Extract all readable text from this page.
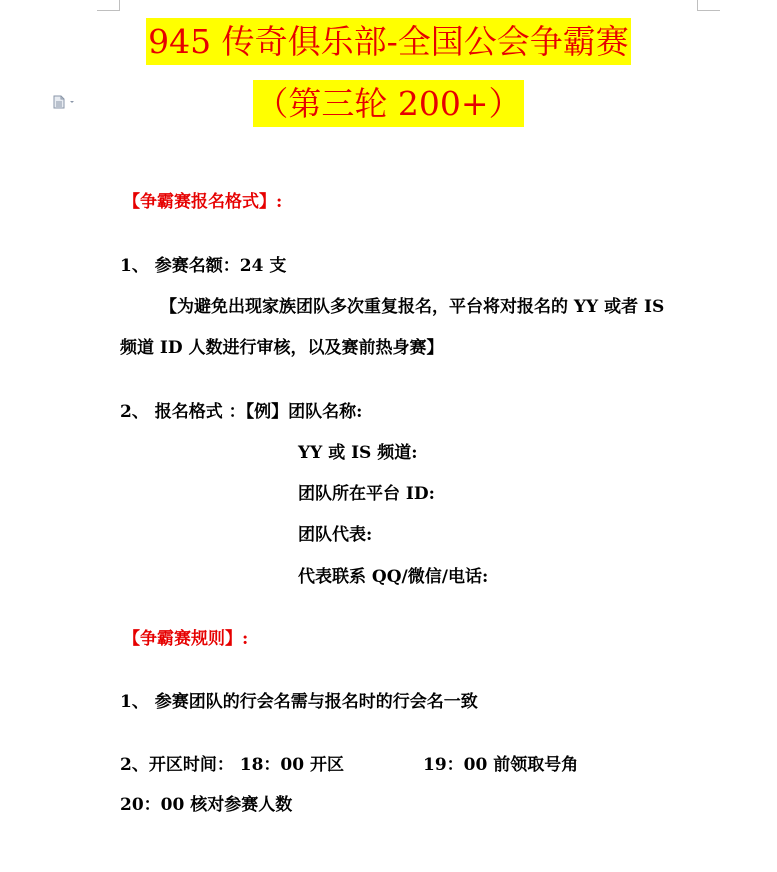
945 传奇俱乐部-全国公会争霸赛
（第三轮 200+）
【争霸赛报名格式】:
1、 参赛名额：24 支
【为避免出现家族团队多次重复报名，平台将对报名的 YY 或者 IS
频道 ID 人数进行审核，以及赛前热身赛】
2、 报名格式 ：【例】团队名称:
YY 或 IS 频道:
团队所在平台 ID:
团队代表:
代表联系 QQ/微信/电话:
【争霸赛规则】:
1、 参赛团队的行会名需与报名时的行会名一致
2、开区时间： 18：00 开区	19：00 前领取号角
20：00 核对参赛人数
